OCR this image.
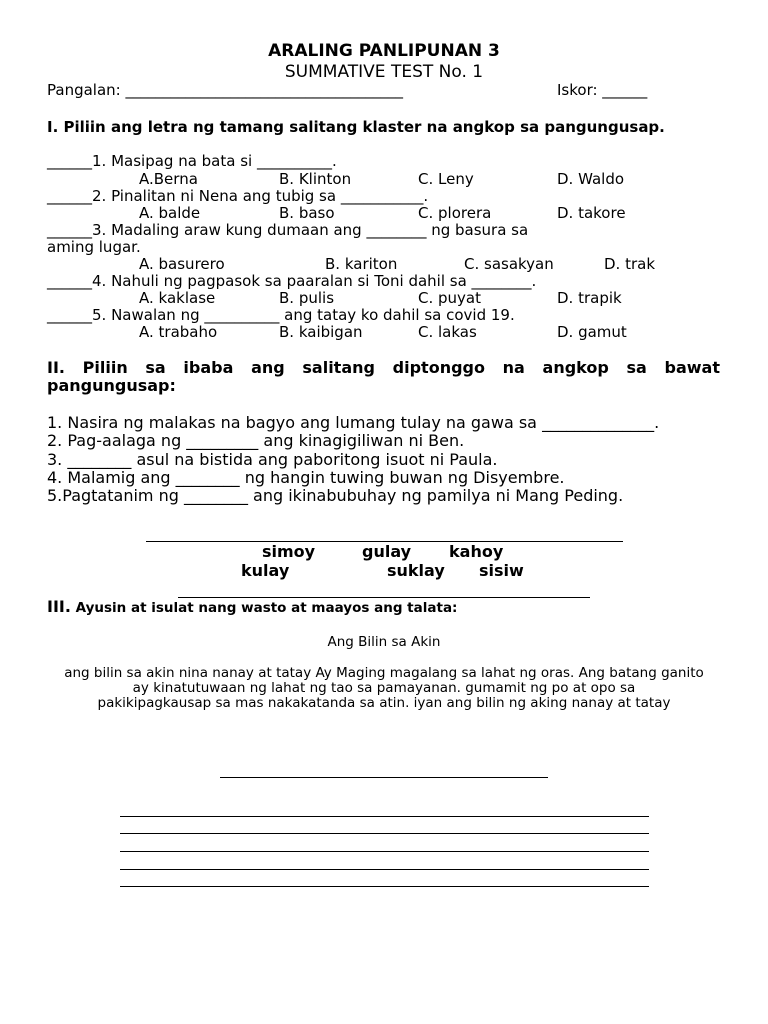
ARALING PANLIPUNAN 3
SUMMATIVE TEST No. 1
Pangalan: _____________________________________	Iskor: ______
I. Piliin ang letra ng tamang salitang klaster na angkop sa pangungusap.
______1. Masipag na bata si __________.
A.Berna	B. Klinton	C. Leny	D. Waldo
______2. Pinalitan ni Nena ang tubig sa ___________.
A. balde	B. baso	C. plorera	D. takore
______3. Madaling araw kung dumaan ang ________ ng basura sa
aming lugar.
A. basurero	B. kariton	C. sasakyan	D. trak
______4. Nahuli ng pagpasok sa paaralan si Toni dahil sa ________.
A. kaklase	B. pulis	C. puyat	D. trapik
______5. Nawalan ng __________ ang tatay ko dahil sa covid 19.
A. trabaho	B. kaibigan	C. lakas	D. gamut
II. Piliin sa ibaba ang salitang diptonggo na angkop sa bawat
pangungusap:
1. Nasira ng malakas na bagyo ang lumang tulay na gawa sa ______________.
2. Pag-aalaga ng _________ ang kinagigiliwan ni Ben.
3. ________ asul na bistida ang paboritong isuot ni Paula.
4. Malamig ang ________ ng hangin tuwing buwan ng Disyembre.
5.Pagtatanim ng ________ ang ikinabubuhay ng pamilya ni Mang Peding.
simoy	gulay kahoy
kulay	suklay sisiw
III. Ayusin at isulat nang wasto at maayos ang talata:
Ang Bilin sa Akin
ang bilin sa akin nina nanay at tatay Ay Maging magalang sa lahat ng oras. Ang batang ganito
ay kinatutuwaan ng lahat ng tao sa pamayanan. gumamit ng po at opo sa
pakikipagkausap sa mas nakakatanda sa atin. iyan ang bilin ng aking nanay at tatay
